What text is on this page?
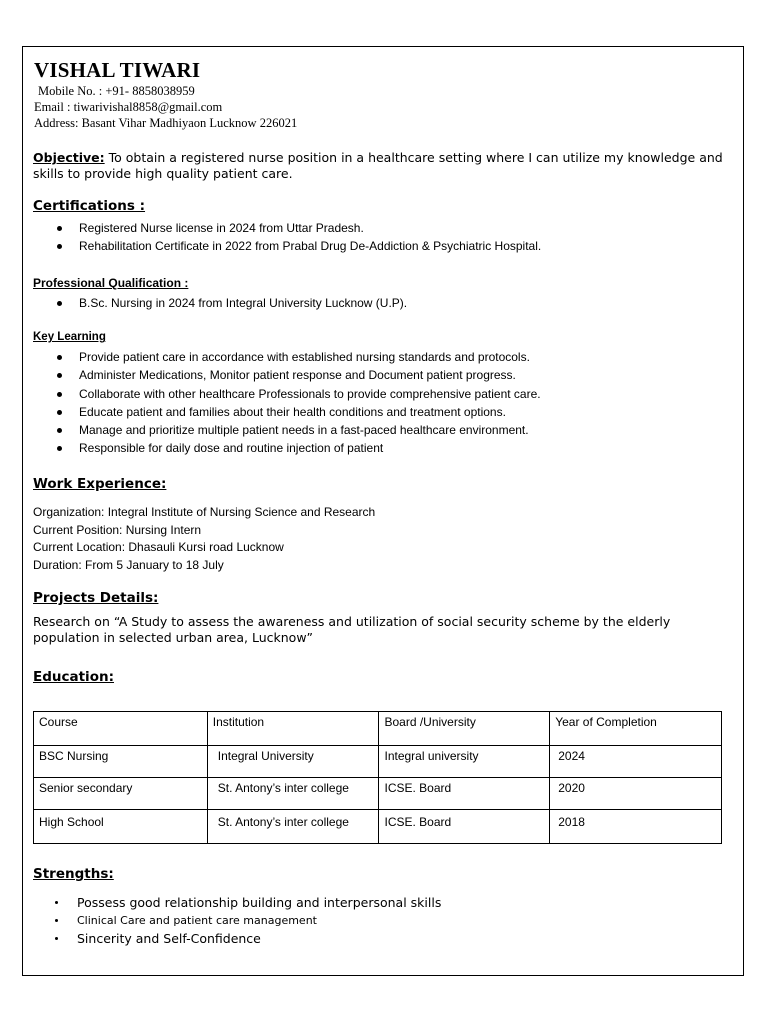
VISHAL TIWARI
Mobile No. : +91- 8858038959
Email : tiwarivishal8858@gmail.com
Address: Basant Vihar Madhiyaon Lucknow 226021
Objective: To obtain a registered nurse position in a healthcare setting where I can utilize my knowledge and skills to provide high quality patient care.
Certifications :
Registered Nurse license in 2024 from Uttar Pradesh.
Rehabilitation Certificate in 2022 from Prabal Drug De-Addiction & Psychiatric Hospital.
Professional Qualification :
B.Sc. Nursing in 2024 from Integral University Lucknow (U.P).
Key Learning
Provide patient care in accordance with established nursing standards and protocols.
Administer Medications, Monitor patient response and Document patient progress.
Collaborate with other healthcare Professionals to provide comprehensive patient care.
Educate patient and families about their health conditions and treatment options.
Manage and prioritize multiple patient needs in a fast-paced healthcare environment.
Responsible for daily dose and routine injection of patient
Work Experience:
Organization: Integral Institute of Nursing Science and Research
Current Position: Nursing Intern
Current Location: Dhasauli Kursi road Lucknow
Duration: From 5 January to 18 July
Projects Details:
Research on “A Study to assess the awareness and utilization of social security scheme by the elderly population in selected urban area, Lucknow”
Education:
Course	Institution	Board /University	Year of Completion
BSC Nursing	Integral University	Integral university	2024
Senior secondary	St. Antony’s inter college	ICSE. Board	2020
High School	St. Antony’s inter college	ICSE. Board	2018
Strengths:
Possess good relationship building and interpersonal skills
Clinical Care and patient care management
Sincerity and Self-Confidence
